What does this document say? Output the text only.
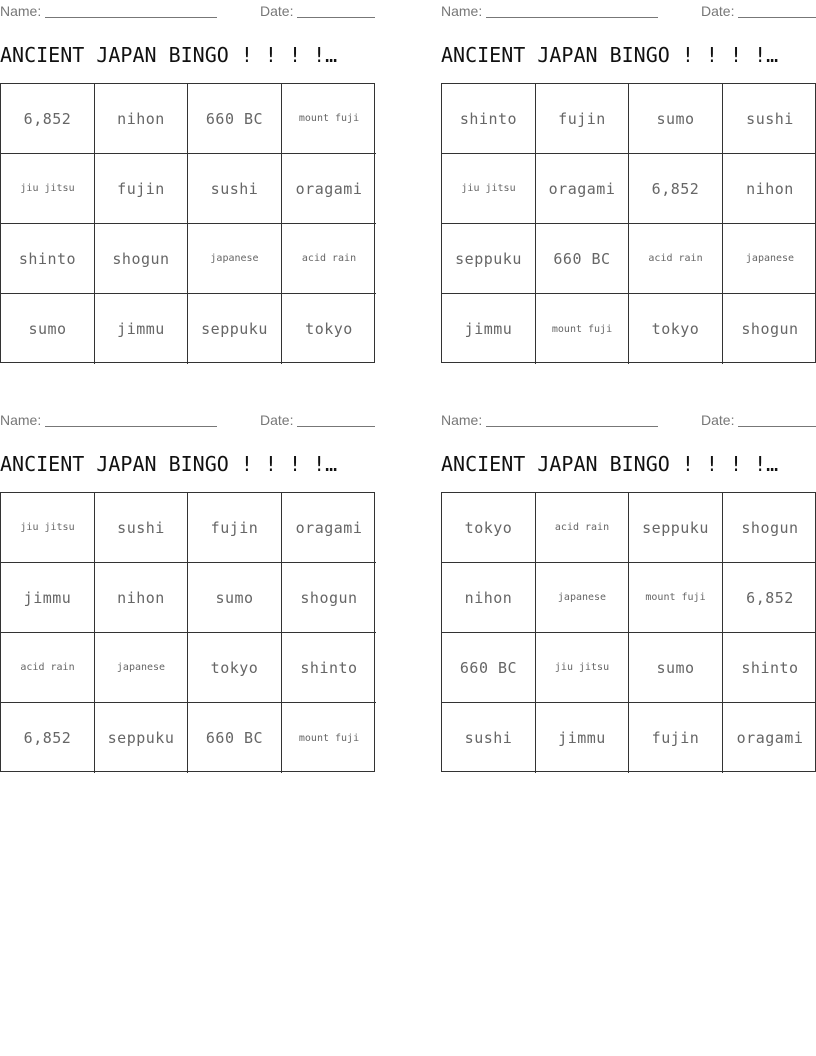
Name:	Date:
ANCIENT JAPAN BINGO ! ! ! !…
6,852	nihon	660 BC	mount fuji
jiu jitsu	fujin	sushi	oragami
shinto	shogun	japanese	acid rain
sumo	jimmu	seppuku	tokyo
Name:	Date:
ANCIENT JAPAN BINGO ! ! ! !…
shinto	fujin	sumo	sushi
jiu jitsu	oragami	6,852	nihon
seppuku	660 BC	acid rain	japanese
jimmu	mount fuji	tokyo	shogun
Name:	Date:
ANCIENT JAPAN BINGO ! ! ! !…
jiu jitsu	sushi	fujin	oragami
jimmu	nihon	sumo	shogun
acid rain	japanese	tokyo	shinto
6,852	seppuku	660 BC	mount fuji
Name:	Date:
ANCIENT JAPAN BINGO ! ! ! !…
tokyo	acid rain	seppuku	shogun
nihon	japanese	mount fuji	6,852
660 BC	jiu jitsu	sumo	shinto
sushi	jimmu	fujin	oragami
